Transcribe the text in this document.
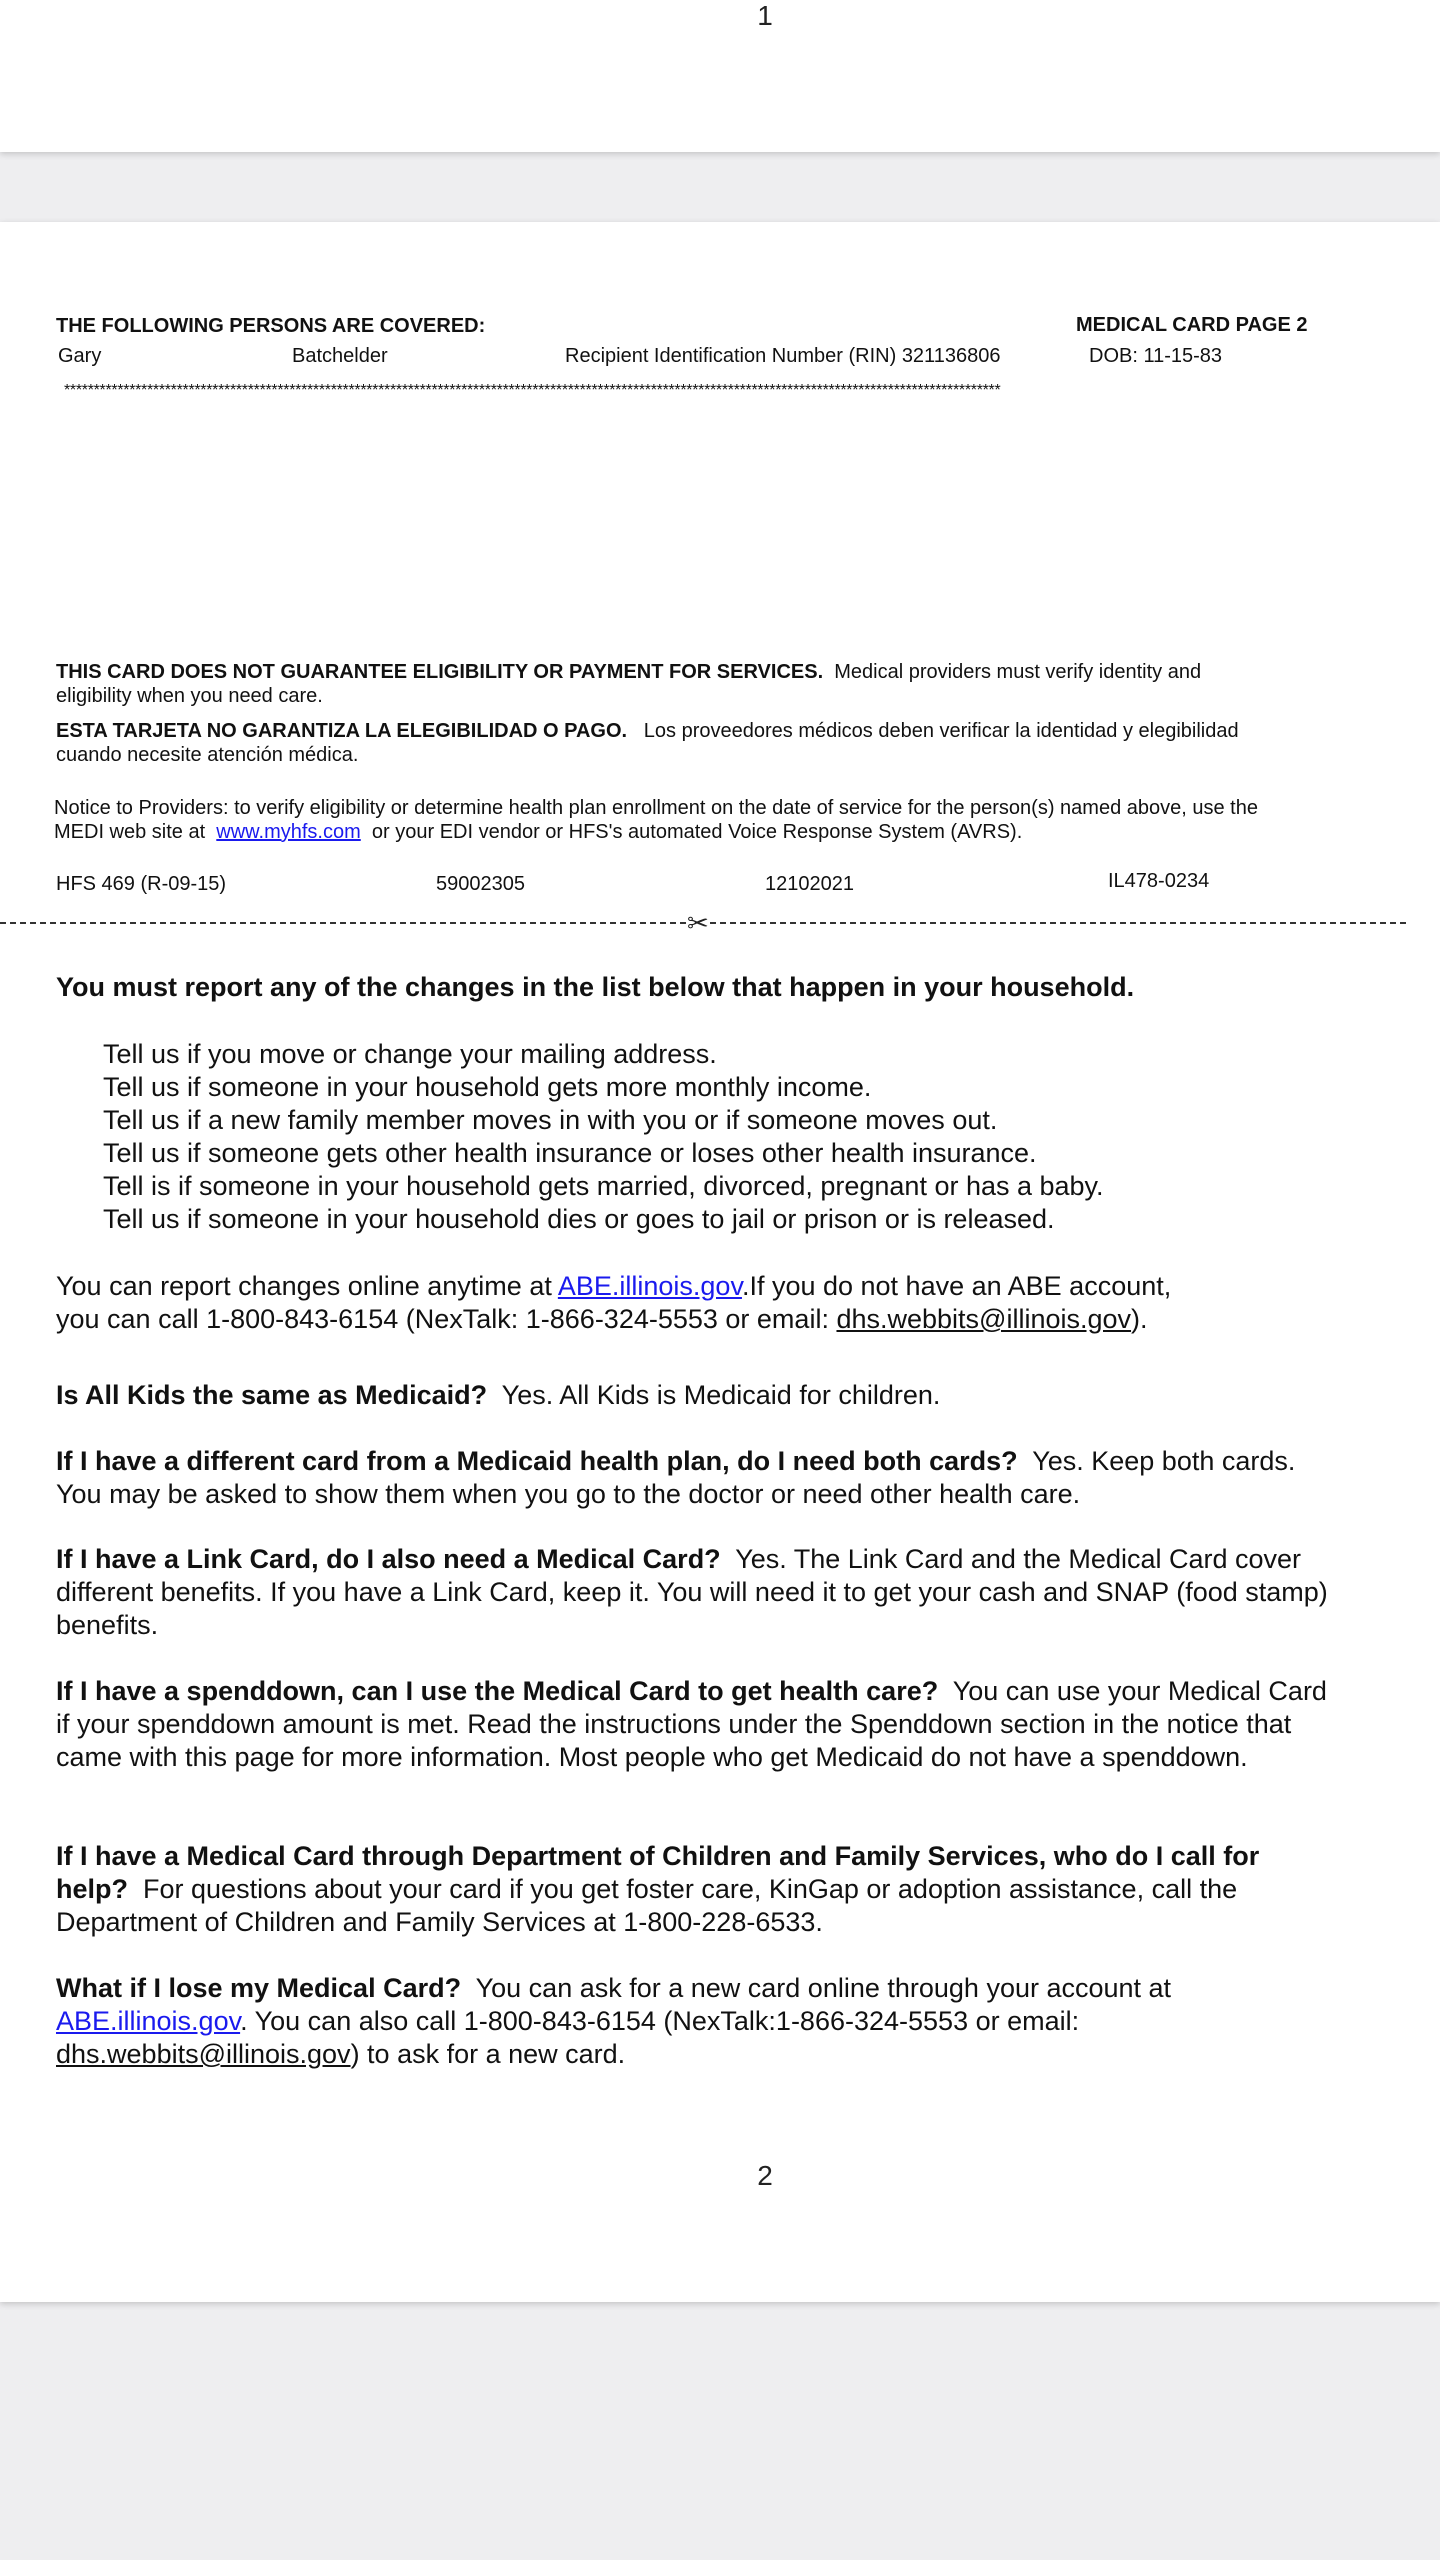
1
THE FOLLOWING PERSONS ARE COVERED:	MEDICAL CARD PAGE 2
Gary	Batchelder	Recipient Identification Number (RIN) 321136806	DOB: 11-15-83
**************************************************************************************************************************************************************
THIS CARD DOES NOT GUARANTEE ELIGIBILITY OR PAYMENT FOR SERVICES. Medical providers must verify identity and eligibility when you need care.
ESTA TARJETA NO GARANTIZA LA ELEGIBILIDAD O PAGO. Los proveedores médicos deben verificar la identidad y elegibilidad cuando necesite atención médica.
Notice to Providers: to verify eligibility or determine health plan enrollment on the date of service for the person(s) named above, use the MEDI web site at www.myhfs.com or your EDI vendor or HFS's automated Voice Response System (AVRS).
HFS 469 (R-09-15)	59002305	12102021	IL478-0234
✂
You must report any of the changes in the list below that happen in your household.
Tell us if you move or change your mailing address.
Tell us if someone in your household gets more monthly income.
Tell us if a new family member moves in with you or if someone moves out.
Tell us if someone gets other health insurance or loses other health insurance.
Tell is if someone in your household gets married, divorced, pregnant or has a baby.
Tell us if someone in your household dies or goes to jail or prison or is released.
You can report changes online anytime at ABE.illinois.gov.If you do not have an ABE account, you can call 1-800-843-6154 (NexTalk: 1-866-324-5553 or email: dhs.webbits@illinois.gov).
Is All Kids the same as Medicaid? Yes. All Kids is Medicaid for children.
If I have a different card from a Medicaid health plan, do I need both cards? Yes. Keep both cards. You may be asked to show them when you go to the doctor or need other health care.
If I have a Link Card, do I also need a Medical Card? Yes. The Link Card and the Medical Card cover different benefits. If you have a Link Card, keep it. You will need it to get your cash and SNAP (food stamp) benefits.
If I have a spenddown, can I use the Medical Card to get health care? You can use your Medical Card if your spenddown amount is met. Read the instructions under the Spenddown section in the notice that came with this page for more information. Most people who get Medicaid do not have a spenddown.
If I have a Medical Card through Department of Children and Family Services, who do I call for help? For questions about your card if you get foster care, KinGap or adoption assistance, call the Department of Children and Family Services at 1-800-228-6533.
What if I lose my Medical Card? You can ask for a new card online through your account at ABE.illinois.gov. You can also call 1-800-843-6154 (NexTalk:1-866-324-5553 or email: dhs.webbits@illinois.gov) to ask for a new card.
2
